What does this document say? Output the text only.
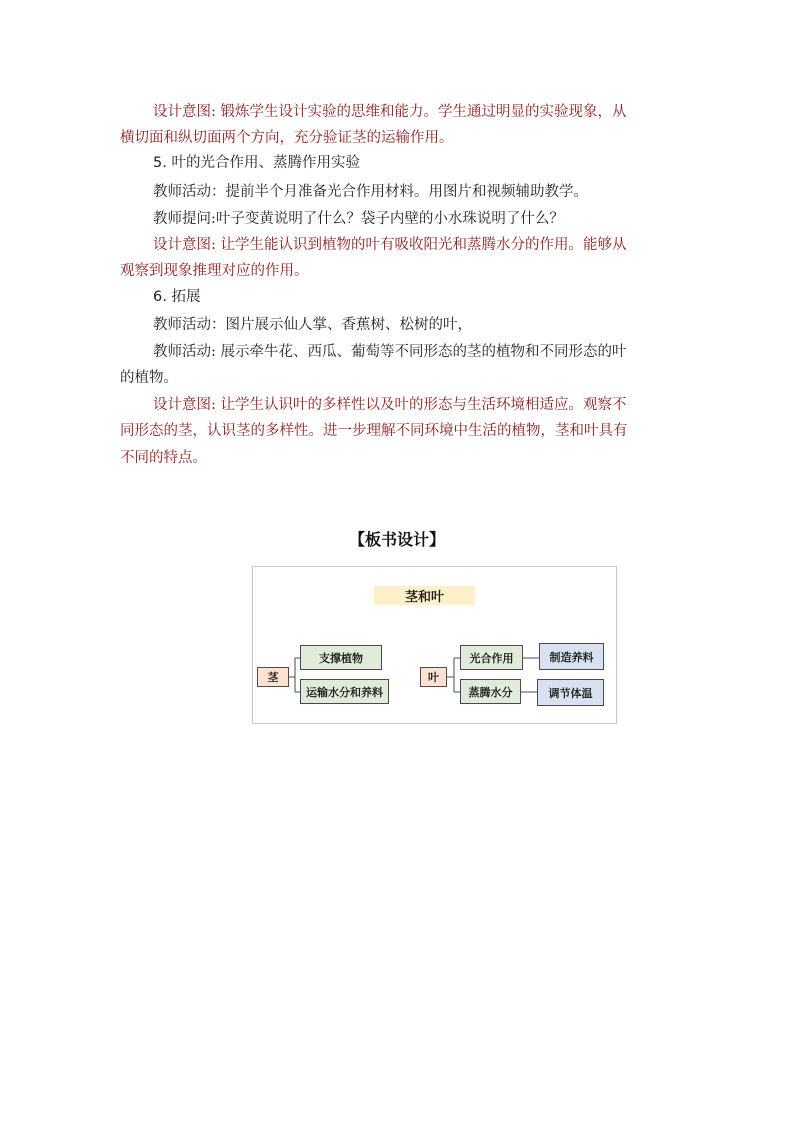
设计意图: 锻炼学生设计实验的思维和能力。学生通过明显的实验现象，从
横切面和纵切面两个方向，充分验证茎的运输作用。
5. 叶的光合作用、蒸腾作用实验
教师活动：提前半个月准备光合作用材料。用图片和视频辅助教学。
教师提问:叶子变黄说明了什么？袋子内壁的小水珠说明了什么？
设计意图: 让学生能认识到植物的叶有吸收阳光和蒸腾水分的作用。能够从
观察到现象推理对应的作用。
6. 拓展
教师活动：图片展示仙人掌、香蕉树、松树的叶，
教师活动: 展示牵牛花、西瓜、葡萄等不同形态的茎的植物和不同形态的叶
的植物。
设计意图: 让学生认识叶的多样性以及叶的形态与生活环境相适应。观察不
同形态的茎，认识茎的多样性。进一步理解不同环境中生活的植物，茎和叶具有
不同的特点。
【板书设计】
茎和叶
茎
支撑植物
运输水分和养料
叶
光合作用
蒸腾水分
制造养料
调节体温
